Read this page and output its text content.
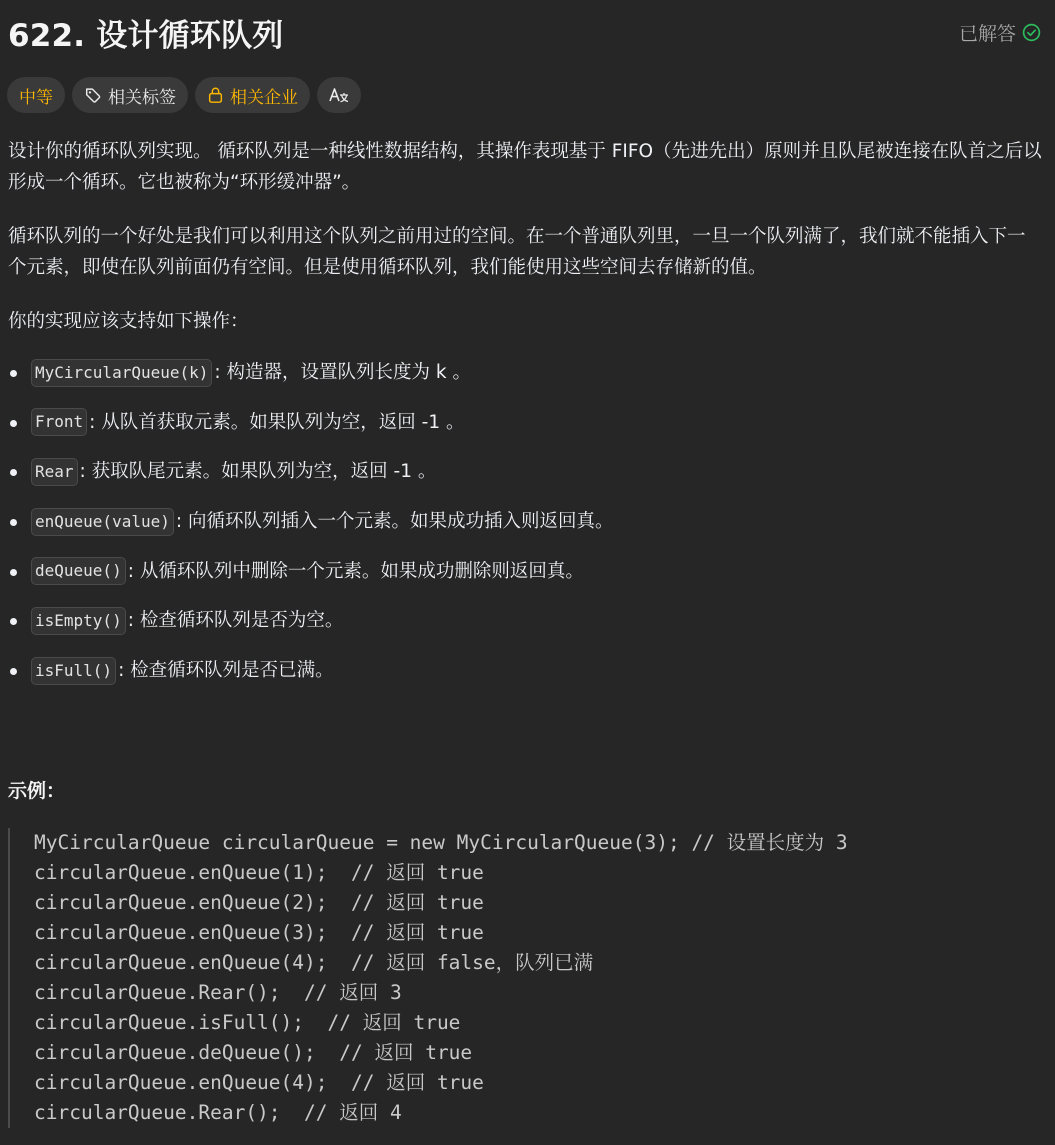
622. 设计循环队列	已解答
中等	相关标签	相关企业

设计你的循环队列实现。 循环队列是一种线性数据结构，其操作表现基于 FIFO（先进先出）原则并且队尾被连接在队首之后以形成一个循环。它也被称为“环形缓冲器”。

循环队列的一个好处是我们可以利用这个队列之前用过的空间。在一个普通队列里，一旦一个队列满了，我们就不能插入下一个元素，即使在队列前面仍有空间。但是使用循环队列，我们能使用这些空间去存储新的值。

你的实现应该支持如下操作：

MyCircularQueue(k) : 构造器，设置队列长度为 k 。
Front : 从队首获取元素。如果队列为空，返回 -1 。
Rear : 获取队尾元素。如果队列为空，返回 -1 。
enQueue(value) : 向循环队列插入一个元素。如果成功插入则返回真。
deQueue() : 从循环队列中删除一个元素。如果成功删除则返回真。
isEmpty() : 检查循环队列是否为空。
isFull() : 检查循环队列是否已满。
示例：
MyCircularQueue circularQueue = new MyCircularQueue(3); // 设置长度为 3
circularQueue.enQueue(1);  // 返回 true
circularQueue.enQueue(2);  // 返回 true
circularQueue.enQueue(3);  // 返回 true
circularQueue.enQueue(4);  // 返回 false，队列已满
circularQueue.Rear();  // 返回 3
circularQueue.isFull();  // 返回 true
circularQueue.deQueue();  // 返回 true
circularQueue.enQueue(4);  // 返回 true
circularQueue.Rear();  // 返回 4
